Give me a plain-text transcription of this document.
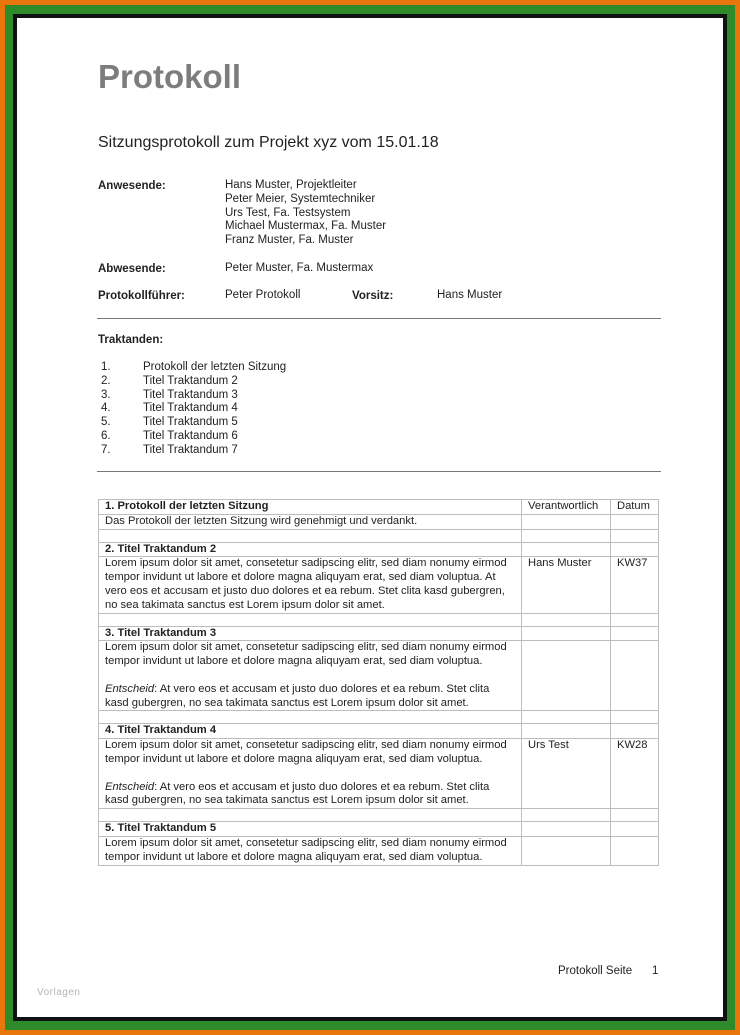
Protokoll
Sitzungsprotokoll zum Projekt xyz vom 15.01.18
Anwesende:	Hans Muster, Projektleiter
Peter Meier, Systemtechniker
Urs Test, Fa. Testsystem
Michael Mustermax, Fa. Muster
Franz Muster, Fa. Muster
Abwesende:	Peter Muster, Fa. Mustermax
Protokollführer:	Peter Protokoll	Vorsitz:	Hans Muster
Traktanden:
1.	Protokoll der letzten Sitzung
2.	Titel Traktandum 2
3.	Titel Traktandum 3
4.	Titel Traktandum 4
5.	Titel Traktandum 5
6.	Titel Traktandum 6
7.	Titel Traktandum 7
1. Protokoll der letzten Sitzung	Verantwortlich	Datum
Das Protokoll der letzten Sitzung wird genehmigt und verdankt.		

2. Titel Traktandum 2		
Lorem ipsum dolor sit amet, consetetur sadipscing elitr, sed diam nonumy eirmod tempor invidunt ut labore et dolore magna aliquyam erat, sed diam voluptua. At vero eos et accusam et justo duo dolores et ea rebum. Stet clita kasd gubergren, no sea takimata sanctus est Lorem ipsum dolor sit amet.	Hans Muster	KW37

3. Titel Traktandum 3		

Lorem ipsum dolor sit amet, consetetur sadipscing elitr, sed diam nonumy eirmod tempor invidunt ut labore et dolore magna aliquyam erat, sed diam voluptua.
Entscheid: At vero eos et accusam et justo duo dolores et ea rebum. Stet clita kasd gubergren, no sea takimata sanctus est Lorem ipsum dolor sit amet.		

4. Titel Traktandum 4		

Lorem ipsum dolor sit amet, consetetur sadipscing elitr, sed diam nonumy eirmod tempor invidunt ut labore et dolore magna aliquyam erat, sed diam voluptua.
Entscheid: At vero eos et accusam et justo duo dolores et ea rebum. Stet clita kasd gubergren, no sea takimata sanctus est Lorem ipsum dolor sit amet.	Urs Test	KW28

5. Titel Traktandum 5		
Lorem ipsum dolor sit amet, consetetur sadipscing elitr, sed diam nonumy eirmod tempor invidunt ut labore et dolore magna aliquyam erat, sed diam voluptua.		
Protokoll Seite 1
Vorlagen
